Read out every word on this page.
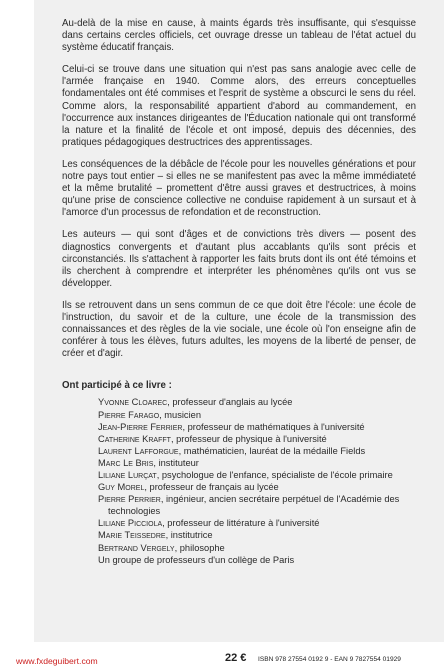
Au-delà de la mise en cause, à maints égards très insuffisante, qui s'esquisse dans certains cercles officiels, cet ouvrage dresse un tableau de l'état actuel du système éducatif français.

Celui-ci se trouve dans une situation qui n'est pas sans analogie avec celle de l'armée française en 1940. Comme alors, des erreurs conceptuelles fondamentales ont été commises et l'esprit de système a obscurci le sens du réel. Comme alors, la responsabilité appartient d'abord au commandement, en l'occurrence aux instances dirigeantes de l'Éducation nationale qui ont transformé la nature et la finalité de l'école et ont imposé, depuis des décennies, des pratiques pédagogiques destructrices des apprentissages.

Les conséquences de la débâcle de l'école pour les nouvelles générations et pour notre pays tout entier – si elles ne se manifestent pas avec la même immédiateté et la même brutalité – promettent d'être aussi graves et destructrices, à moins qu'une prise de conscience collective ne conduise rapidement à un sursaut et à l'amorce d'un processus de refondation et de reconstruction.

Les auteurs — qui sont d'âges et de convictions très divers — posent des diagnostics convergents et d'autant plus accablants qu'ils sont précis et circonstanciés. Ils s'attachent à rapporter les faits bruts dont ils ont été témoins et ils cherchent à comprendre et interpréter les phénomènes qu'ils ont vus se développer.

Ils se retrouvent dans un sens commun de ce que doit être l'école: une école de l'instruction, du savoir et de la culture, une école de la transmission des connaissances et des règles de la vie sociale, une école où l'on enseigne afin de conférer à tous les élèves, futurs adultes, les moyens de la liberté de penser, de créer et d'agir.

Ont participé à ce livre :
Yvonne Cloarec, professeur d'anglais au lycée
Pierre Farago, musicien
Jean-Pierre Ferrier, professeur de mathématiques à l'université
Catherine Krafft, professeur de physique à l'université
Laurent Lafforgue, mathématicien, lauréat de la médaille Fields
Marc Le Bris, instituteur
Liliane Lurçat, psychologue de l'enfance, spécialiste de l'école primaire
Guy Morel, professeur de français au lycée
Pierre Perrier, ingénieur, ancien secrétaire perpétuel de l'Académie des technologies
Liliane Picciola, professeur de littérature à l'université
Marie Teissedre, institutrice
Bertrand Vergely, philosophe
Un groupe de professeurs d'un collège de Paris
www.fxdeguibert.com	22 € ISBN 978 27554 0192 9 - EAN 9 7827554 01929
